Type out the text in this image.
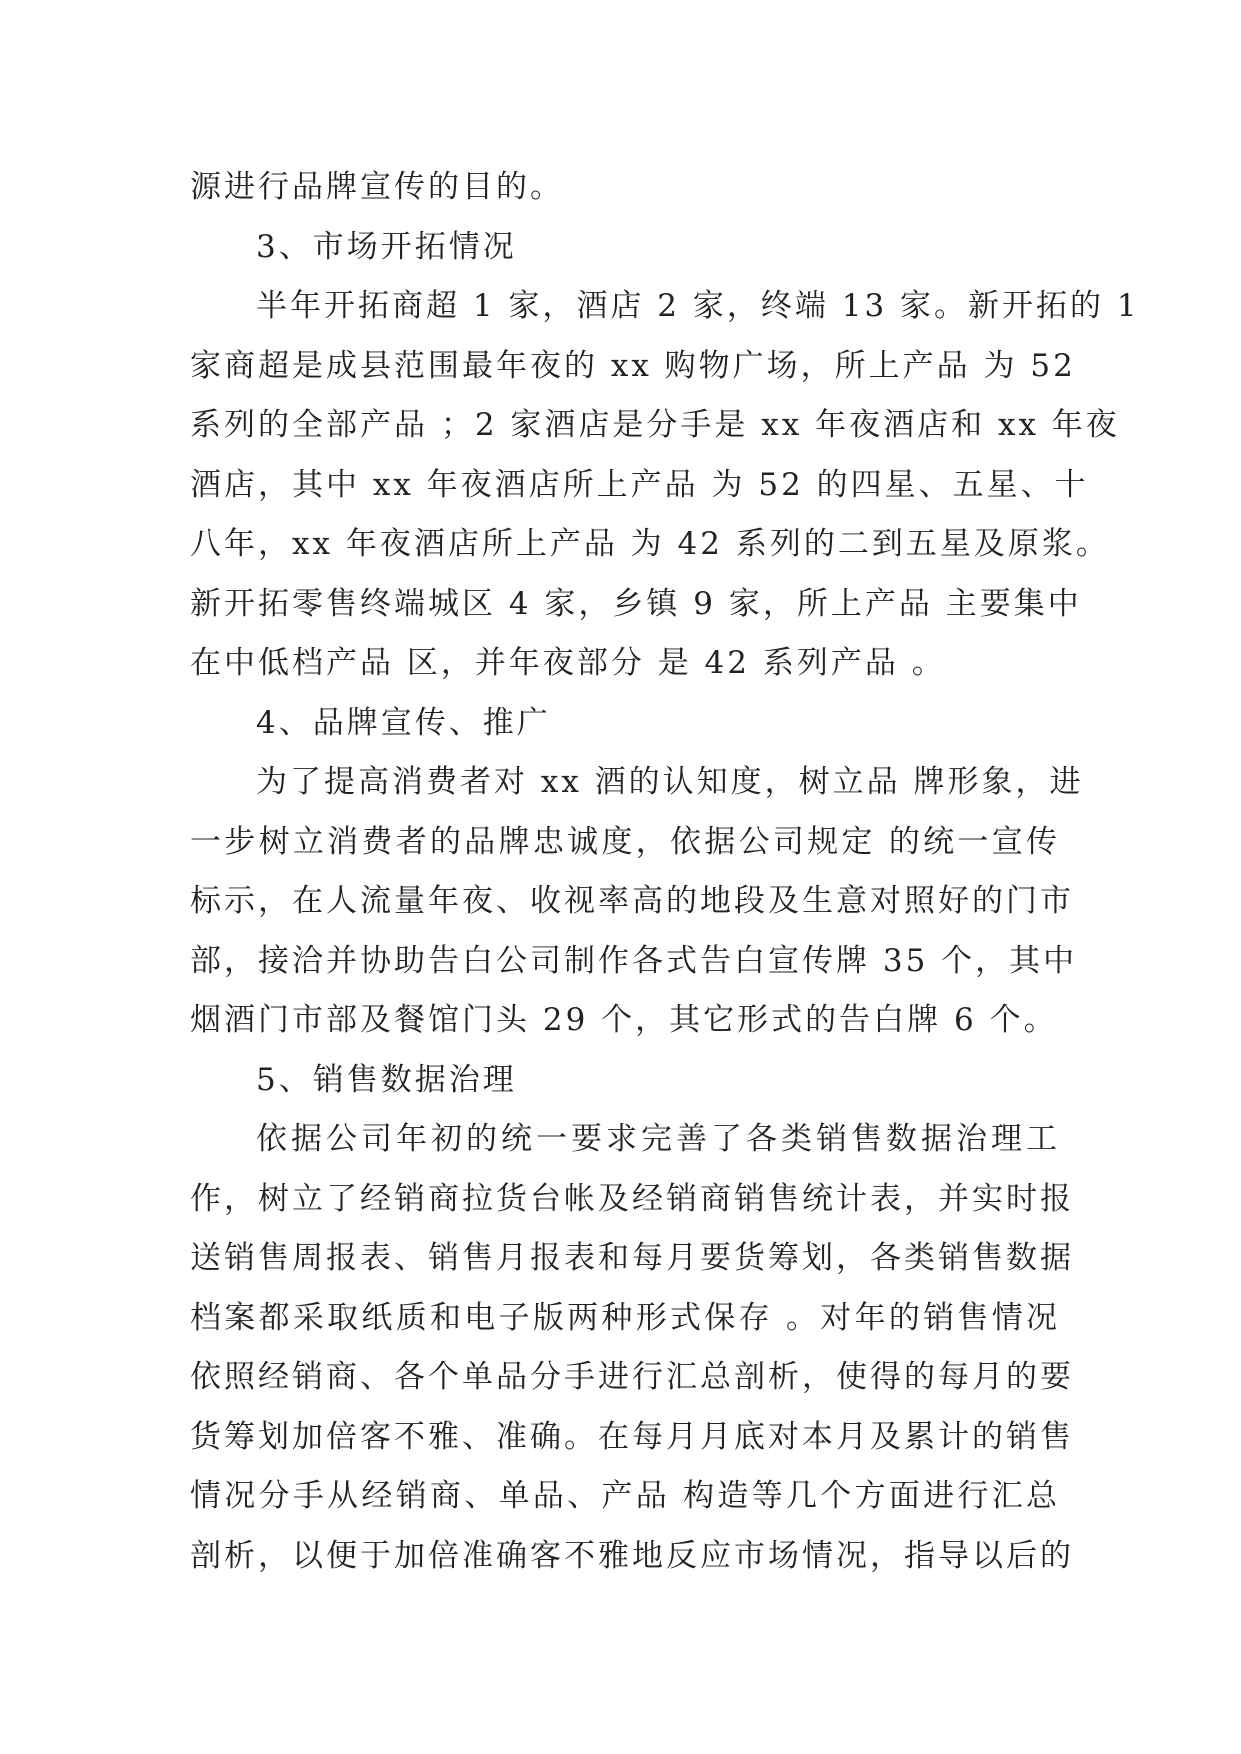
源进行品牌宣传的目的。
3、市场开拓情况
半年开拓商超 1 家，酒店 2 家，终端 13 家。新开拓的 1
家商超是成县范围最年夜的 xx 购物广场，所上产品 为 52
系列的全部产品 ；2 家酒店是分手是 xx 年夜酒店和 xx 年夜
酒店，其中 xx 年夜酒店所上产品 为 52 的四星、五星、十
八年，xx 年夜酒店所上产品 为 42 系列的二到五星及原浆。
新开拓零售终端城区 4 家，乡镇 9 家，所上产品 主要集中
在中低档产品 区，并年夜部分 是 42 系列产品 。
4、品牌宣传、推广
为了提高消费者对 xx 酒的认知度，树立品 牌形象，进
一步树立消费者的品牌忠诚度，依据公司规定 的统一宣传
标示，在人流量年夜、收视率高的地段及生意对照好的门市
部，接洽并协助告白公司制作各式告白宣传牌 35 个，其中
烟酒门市部及餐馆门头 29 个，其它形式的告白牌 6 个。
5、销售数据治理
依据公司年初的统一要求完善了各类销售数据治理工
作，树立了经销商拉货台帐及经销商销售统计表，并实时报
送销售周报表、销售月报表和每月要货筹划，各类销售数据
档案都采取纸质和电子版两种形式保存 。对年的销售情况
依照经销商、各个单品分手进行汇总剖析，使得的每月的要
货筹划加倍客不雅、准确。在每月月底对本月及累计的销售
情况分手从经销商、单品、产品 构造等几个方面进行汇总
剖析，以便于加倍准确客不雅地反应市场情况，指导以后的
